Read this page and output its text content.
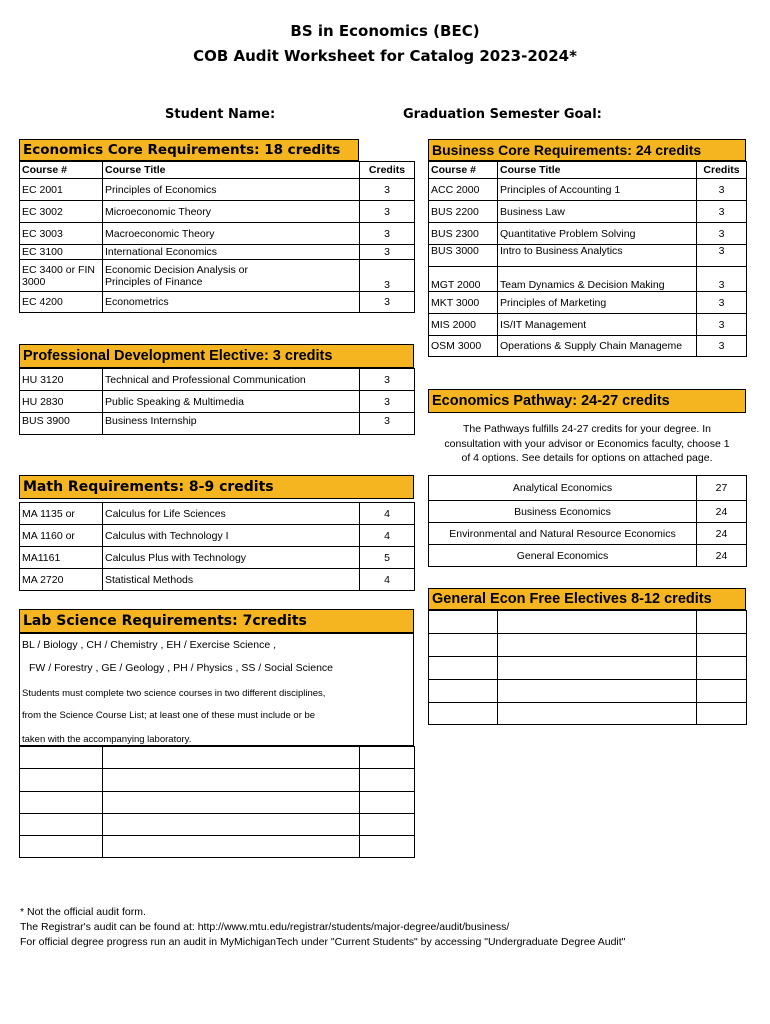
BS in Economics (BEC)
COB Audit Worksheet for Catalog 2023-2024*
Student Name:	Graduation Semester Goal:
Economics Core Requirements: 18 credits
Course #	Course Title	Credits
EC 2001	Principles of Economics	3
EC 3002	Microeconomic Theory	3
EC 3003	Macroeconomic Theory	3
EC 3100	International Economics	3
EC 3400 or FIN
3000	Economic Decision Analysis or
Principles of Finance	3
EC 4200	Econometrics	3
Business Core Requirements: 24 credits
Course #	Course Title	Credits
ACC 2000	Principles of Accounting 1	3
BUS 2200	Business Law	3
BUS 2300	Quantitative Problem Solving	3
BUS 3000	Intro to Business Analytics	3
MGT 2000	Team Dynamics & Decision Making	3
MKT 3000	Principles of Marketing	3
MIS 2000	IS/IT Management	3
OSM 3000	Operations & Supply Chain Manageme	3
Professional Development Elective: 3 credits
HU 3120	Technical and Professional Communication	3
HU 2830	Public Speaking & Multimedia	3
BUS 3900	Business Internship	3
Economics Pathway: 24-27 credits
The Pathways fulfills 24-27 credits for your degree. In
consultation with your advisor or Economics faculty, choose 1
of 4 options. See details for options on attached page.
Analytical Economics	27
Business Economics	24
Environmental and Natural Resource Economics	24
General Economics	24
Math Requirements: 8-9 credits
MA 1135 or	Calculus for Life Sciences	4
MA 1160 or	Calculus with Technology I	4
MA1161	Calculus Plus with Technology	5
MA 2720	Statistical Methods	4
General Econ Free Electives 8-12 credits

Lab Science Requirements: 7credits
BL / Biology , CH / Chemistry , EH / Exercise Science ,
FW / Forestry , GE / Geology , PH / Physics , SS / Social Science
Students must complete two science courses in two different disciplines,
from the Science Course List; at least one of these must include or be
taken with the accompanying laboratory.

* Not the official audit form.
The Registrar's audit can be found at: http://www.mtu.edu/registrar/students/major-degree/audit/business/
For official degree progress run an audit in MyMichiganTech under "Current Students" by accessing "Undergraduate Degree Audit"
